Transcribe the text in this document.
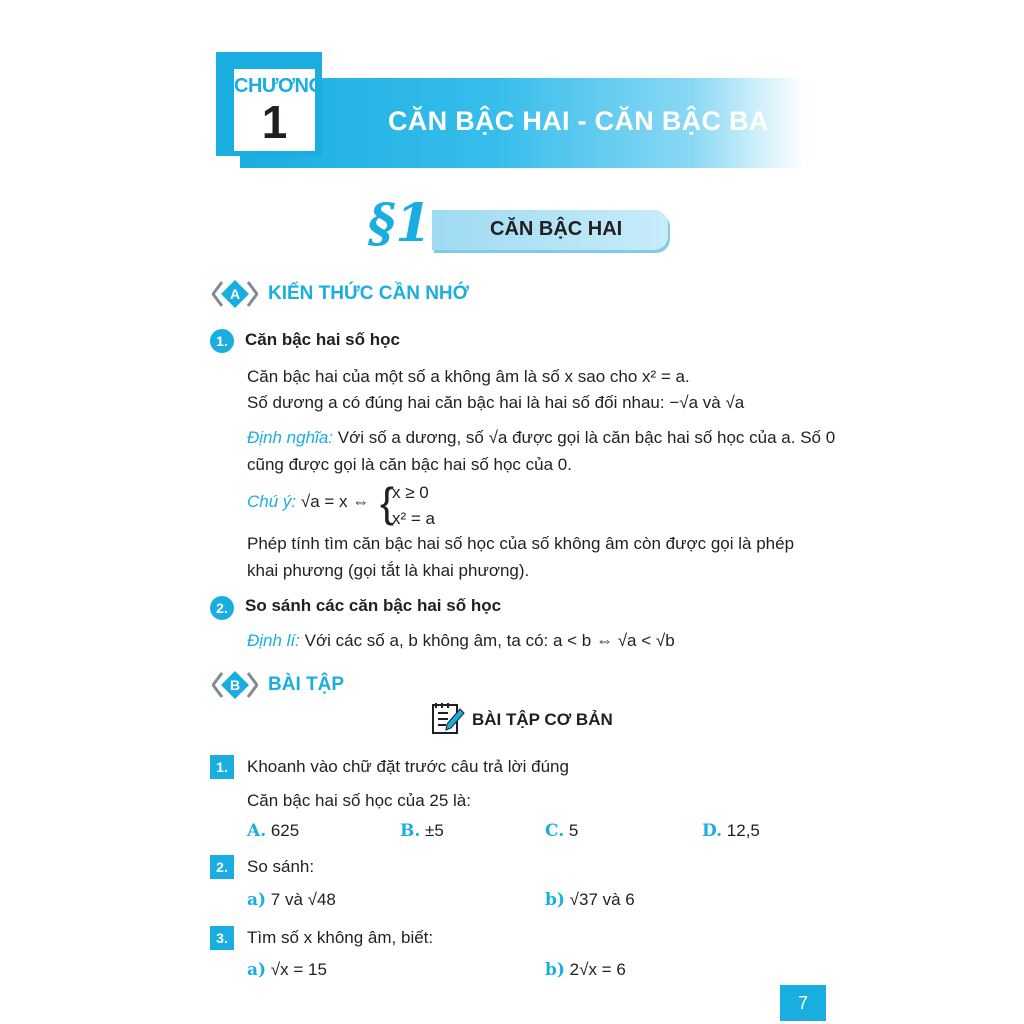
CĂN BẬC HAI - CĂN BẬC BA
CHƯƠNG
1
§1	CĂN BẬC HAI
A KIẾN THỨC CẦN NHỚ
1.	Căn bậc hai số học
Căn bậc hai của một số a không âm là số x sao cho x² = a.
Số dương a có đúng hai căn bậc hai là hai số đối nhau: −√a và √a
Định nghĩa: Với số a dương, số √a được gọi là căn bậc hai số học của a. Số 0
cũng được gọi là căn bậc hai số học của 0.
Chú ý: √a = x ⇔ {
x ≥ 0
x² = a
Phép tính tìm căn bậc hai số học của số không âm còn được gọi là phép
khai phương (gọi tắt là khai phương).
2.	So sánh các căn bậc hai số học
Định lí: Với các số a, b không âm, ta có: a < b ⇔ √a < √b
B BÀI TẬP
BÀI TẬP CƠ BẢN
1.	Khoanh vào chữ đặt trước câu trả lời đúng
Căn bậc hai số học của 25 là:
A. 625	B. ±5	C. 5	D. 12,5
2.	So sánh:
a) 7 và √48	b) √37 và 6
3.	Tìm số x không âm, biết:
a) √x = 15	b) 2√x = 6
7
